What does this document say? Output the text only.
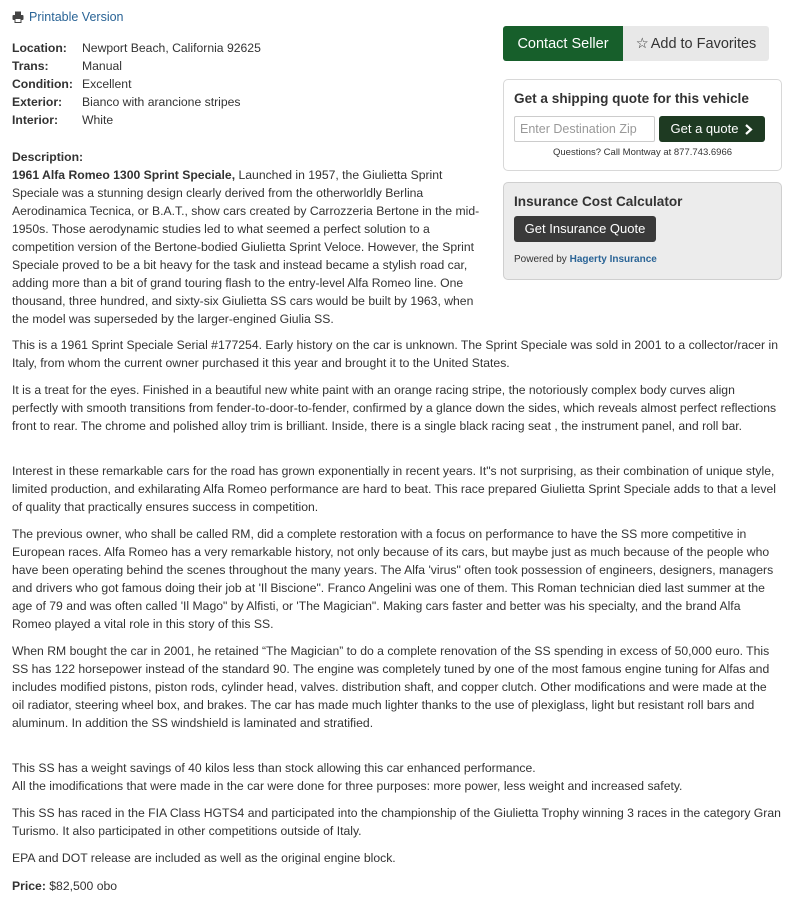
Printable Version
Location:	Newport Beach, California 92625
Trans:	Manual
Condition: Excellent
Exterior:	Bianco with arancione stripes
Interior:	White
Description:

1961 Alfa Romeo 1300 Sprint Speciale, Launched in 1957, the Giulietta Sprint Speciale was a stunning design clearly derived from the otherworldly Berlina Aerodinamica Tecnica, or B.A.T., show cars created by Carrozzeria Bertone in the mid-1950s. Those aerodynamic studies led to what seemed a perfect solution to a competition version of the Bertone-bodied Giulietta Sprint Veloce. However, the Sprint Speciale proved to be a bit heavy for the task and instead became a stylish road car, adding more than a bit of grand touring flash to the entry-level Alfa Romeo line. One thousand, three hundred, and sixty-six Giulietta SS cars would be built by 1963, when the model was superseded by the larger-engined Giulia SS.

This is a 1961 Sprint Speciale Serial #177254. Early history on the car is unknown. The Sprint Speciale was sold in 2001 to a collector/racer in Italy, from whom the current owner purchased it this year and brought it to the United States.

It is a treat for the eyes. Finished in a beautiful new white paint with an orange racing stripe, the notoriously complex body curves align perfectly with smooth transitions from fender-to-door-to-fender, confirmed by a glance down the sides, which reveals almost perfect reflections front to rear. The chrome and polished alloy trim is brilliant. Inside, there is a single black racing seat , the instrument panel, and roll bar.

Interest in these remarkable cars for the road has grown exponentially in recent years. It"s not surprising, as their combination of unique style, limited production, and exhilarating Alfa Romeo performance are hard to beat. This race prepared Giulietta Sprint Speciale adds to that a level of quality that practically ensures success in competition.

The previous owner, who shall be called RM, did a complete restoration with a focus on performance to have the SS more competitive in European races. Alfa Romeo has a very remarkable history, not only because of its cars, but maybe just as much because of the people who have been operating behind the scenes throughout the many years. The Alfa 'virus" often took possession of engineers, designers, managers and drivers who got famous doing their job at 'Il Biscione". Franco Angelini was one of them. This Roman technician died last summer at the age of 79 and was often called 'Il Mago" by Alfisti, or 'The Magician". Making cars faster and better was his specialty, and the brand Alfa Romeo played a vital role in this story of this SS.

When RM bought the car in 2001, he retained “The Magician” to do a complete renovation of the SS spending in excess of 50,000 euro. This SS has 122 horsepower instead of the standard 90. The engine was completely tuned by one of the most famous engine tuning for Alfas and includes modified pistons, piston rods, cylinder head, valves. distribution shaft, and copper clutch. Other modifications and were made at the oil radiator, steering wheel box, and brakes. The car has made much lighter thanks to the use of plexiglass, light but resistant roll bars and aluminum. In addition the SS windshield is laminated and stratified.

This SS has a weight savings of 40 kilos less than stock allowing this car enhanced performance.

All the imodifications that were made in the car were done for three purposes: more power, less weight and increased safety.

This SS has raced in the FIA Class HGTS4 and participated into the championship of the Giulietta Trophy winning 3 races in the category Gran Turismo. It also participated in other competitions outside of Italy.

EPA and DOT release are included as well as the original engine block.

Price: $82,500 obo
Contact Seller	☆ Add to Favorites
Get a shipping quote for this vehicle
Enter Destination Zip
Get a quote
Questions? Call Montway at 877.743.6966
Insurance Cost Calculator
Get Insurance Quote
Powered by Hagerty Insurance
